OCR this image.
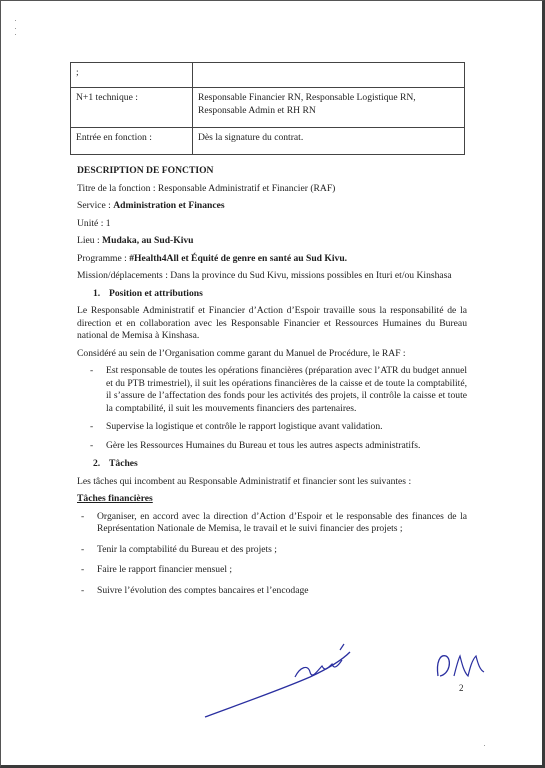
;	
N+1 technique :	Responsable Financier RN, Responsable Logistique RN, Responsable Admin et RH RN
Entrée en fonction :	Dès la signature du contrat.
DESCRIPTION DE FONCTION
Titre de la fonction : Responsable Administratif et Financier (RAF)
Service : Administration et Finances
Unité : 1
Lieu : Mudaka, au Sud-Kivu
Programme : #Health4All et Équité de genre en santé au Sud Kivu.
Mission/déplacements : Dans la province du Sud Kivu, missions possibles en Ituri et/ou Kinshasa
1. Position et attributions
Le Responsable Administratif et Financier d’Action d’Espoir travaille sous la responsabilité de la direction et en collaboration avec les Responsable Financier et Ressources Humaines du Bureau national de Memisa à Kinshasa.
Considéré au sein de l’Organisation comme garant du Manuel de Procédure, le RAF :
- Est responsable de toutes les opérations financières (préparation avec l’ATR du budget annuel et du PTB trimestriel), il suit les opérations financières de la caisse et de toute la comptabilité, il s’assure de l’affectation des fonds pour les activités des projets, il contrôle la caisse et toute la comptabilité, il suit les mouvements financiers des partenaires.
- Supervise la logistique et contrôle le rapport logistique avant validation.
- Gère les Ressources Humaines du Bureau et tous les autres aspects administratifs.
2. Tâches
Les tâches qui incombent au Responsable Administratif et financier sont les suivantes :
Tâches financières
- Organiser, en accord avec la direction d’Action d’Espoir et le responsable des finances de la Représentation Nationale de Memisa, le travail et le suivi financier des projets ;
- Tenir la comptabilité du Bureau et des projets ;
- Faire le rapport financier mensuel ;
- Suivre l’évolution des comptes bancaires et l’encodage
2
